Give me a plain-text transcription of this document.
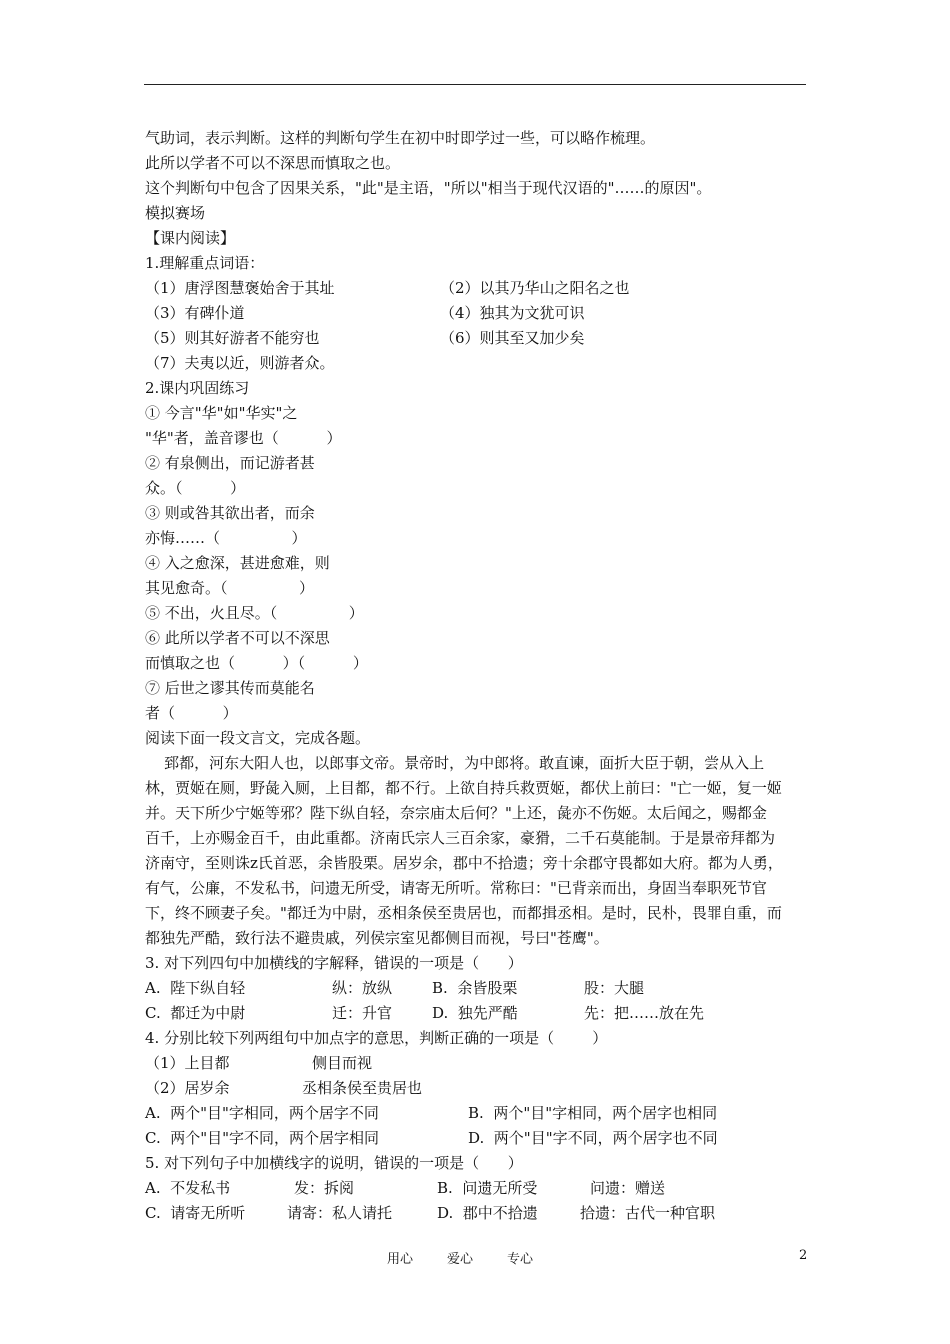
气助词，表示判断。这样的判断句学生在初中时即学过一些，可以略作梳理。
此所以学者不可以不深思而慎取之也。
这个判断句中包含了因果关系，"此"是主语，"所以"相当于现代汉语的"……的原因"。
模拟赛场
【课内阅读】
1.理解重点词语：
（1）唐浮图慧褒始舍于其址	（2）以其乃华山之阳名之也
（3）有碑仆道	（4）独其为文犹可识
（5）则其好游者不能穷也	（6）则其至又加少矣
（7）夫夷以近，则游者众。
2.课内巩固练习
① 今言"华"如"华实"之
"华"者，盖音谬也（          ）
② 有泉侧出，而记游者甚
众。（          ）
③ 则或咎其欲出者，而余
亦悔……（               ）
④ 入之愈深，甚进愈难，则
其见愈奇。（               ）
⑤ 不出，火且尽。（               ）
⑥ 此所以学者不可以不深思
而慎取之也（          ）（          ）
⑦ 后世之谬其传而莫能名
者（          ）
阅读下面一段文言文，完成各题。
郅都，河东大阳人也，以郎事文帝。景帝时，为中郎将。敢直谏，面折大臣于朝，尝从入上
林，贾姬在厕，野彘入厕，上目都，都不行。上欲自持兵救贾姬，都伏上前曰："亡一姬，复一姬
并。天下所少宁姬等邪？陛下纵自轻，奈宗庙太后何？"上还，彘亦不伤姬。太后闻之，赐都金
百千，上亦赐金百千，由此重都。济南氏宗人三百余家，豪猾，二千石莫能制。于是景帝拜都为
济南守，至则诛z氏首恶，余皆股栗。居岁余，郡中不拾遗；旁十余郡守畏都如大府。都为人勇，
有气，公廉，不发私书，问遗无所受，请寄无所听。常称曰："已背亲而出，身固当奉职死节官
下，终不顾妻子矣。"都迁为中尉，丞相条侯至贵居也，而都揖丞相。是时，民朴，畏罪自重，而
都独先严酷，致行法不避贵戚，列侯宗室见都侧目而视，号曰"苍鹰"。
3. 对下列四句中加横线的字解释，错误的一项是（      ）
A.  陛下纵自轻	纵：放纵	B.  余皆股栗	股：大腿
C.  都迁为中尉	迁：升官	D.  独先严酷	先：把……放在先
4. 分别比较下列两组句中加点字的意思，判断正确的一项是（        ）
（1）上目都	侧目而视
（2）居岁余	丞相条侯至贵居也
A.  两个"目"字相同，两个居字不同	B.  两个"目"字相同，两个居字也相同
C.  两个"目"字不同，两个居字相同	D.  两个"目"字不同，两个居字也不同
5. 对下列句子中加横线字的说明，错误的一项是（      ）
A.  不发私书	发：拆阅	B.  问遗无所受	问遗：赠送
C.  请寄无所听	请寄：私人请托	D.  郡中不拾遗	拾遗：古代一种官职
用心	爱心	专心	2
